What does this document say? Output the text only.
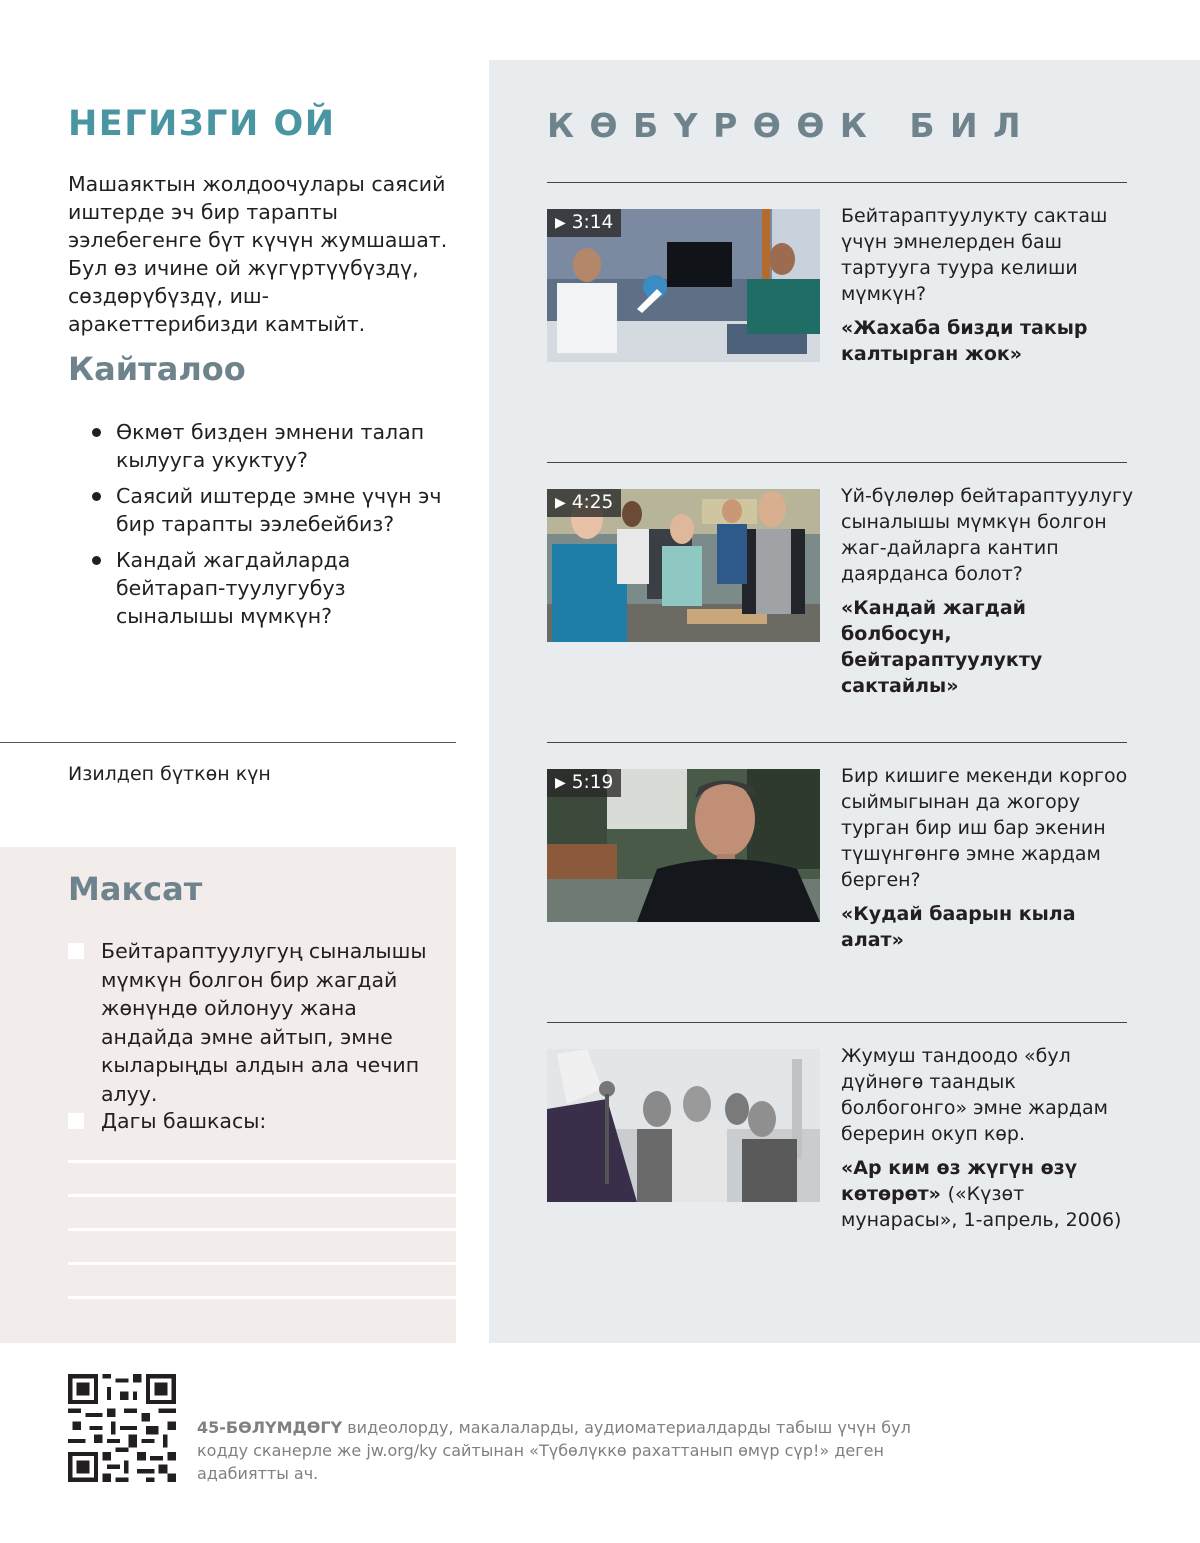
НЕГИЗГИ ОЙ

Машаяктын жолдоочулары саясий иштерде эч бир тарапты ээлебегенге бүт күчүн жумшашат. Бул өз ичине ой жүгүртүүбүздү, сөздөрүбүздү, иш-аракеттерибизди камтыйт.

Кайталоо
Өкмөт бизден эмнени талап кылууга укуктуу?
Саясий иштерде эмне үчүн эч бир тарапты ээлебейбиз?
Кандай жагдайларда бейтарап-туулугубуз сыналышы мүмкүн?
Изилдеп бүткөн күн
Максат
Бейтараптуулугуң сыналышы мүмкүн болгон бир жагдай жөнүндө ойлонуу жана андайда эмне айтып, эмне кыларыңды алдын ала чечип алуу.
Дагы башкасы:
КӨБҮРӨӨК БИЛ
▶ 3:14	Бейтараптуулукту сакташ үчүн эмнелерден баш тартууга туура келиши мүмкүн?

«Жахаба бизди такыр калтырган жок»

▶ 4:25	Үй-бүлөлөр бейтараптуулугу сыналышы мүмкүн болгон жаг-дайларга кантип даярданса болот?

«Кандай жагдай болбосун, бейтараптуулукту сактайлы»

▶ 5:19	Бир кишиге мекенди коргоо сыймыгынан да жогору турган бир иш бар экенин түшүнгөнгө эмне жардам берген?

«Кудай баарын кыла алат»

Жумуш тандоодо «бул дүйнөгө таандык болбогонго» эмне жардам берерин окуп көр.

«Ар ким өз жүгүн өзү көтөрөт» («Күзөт мунарасы», 1-апрель, 2006)

45-БӨЛҮМДӨГҮ видеолорду, макалаларды, аудиоматериалдарды табыш үчүн бул кодду сканерле же jw.org/ky сайтынан «Түбөлүккө рахаттанып өмүр сүр!» деген адабиятты ач.
